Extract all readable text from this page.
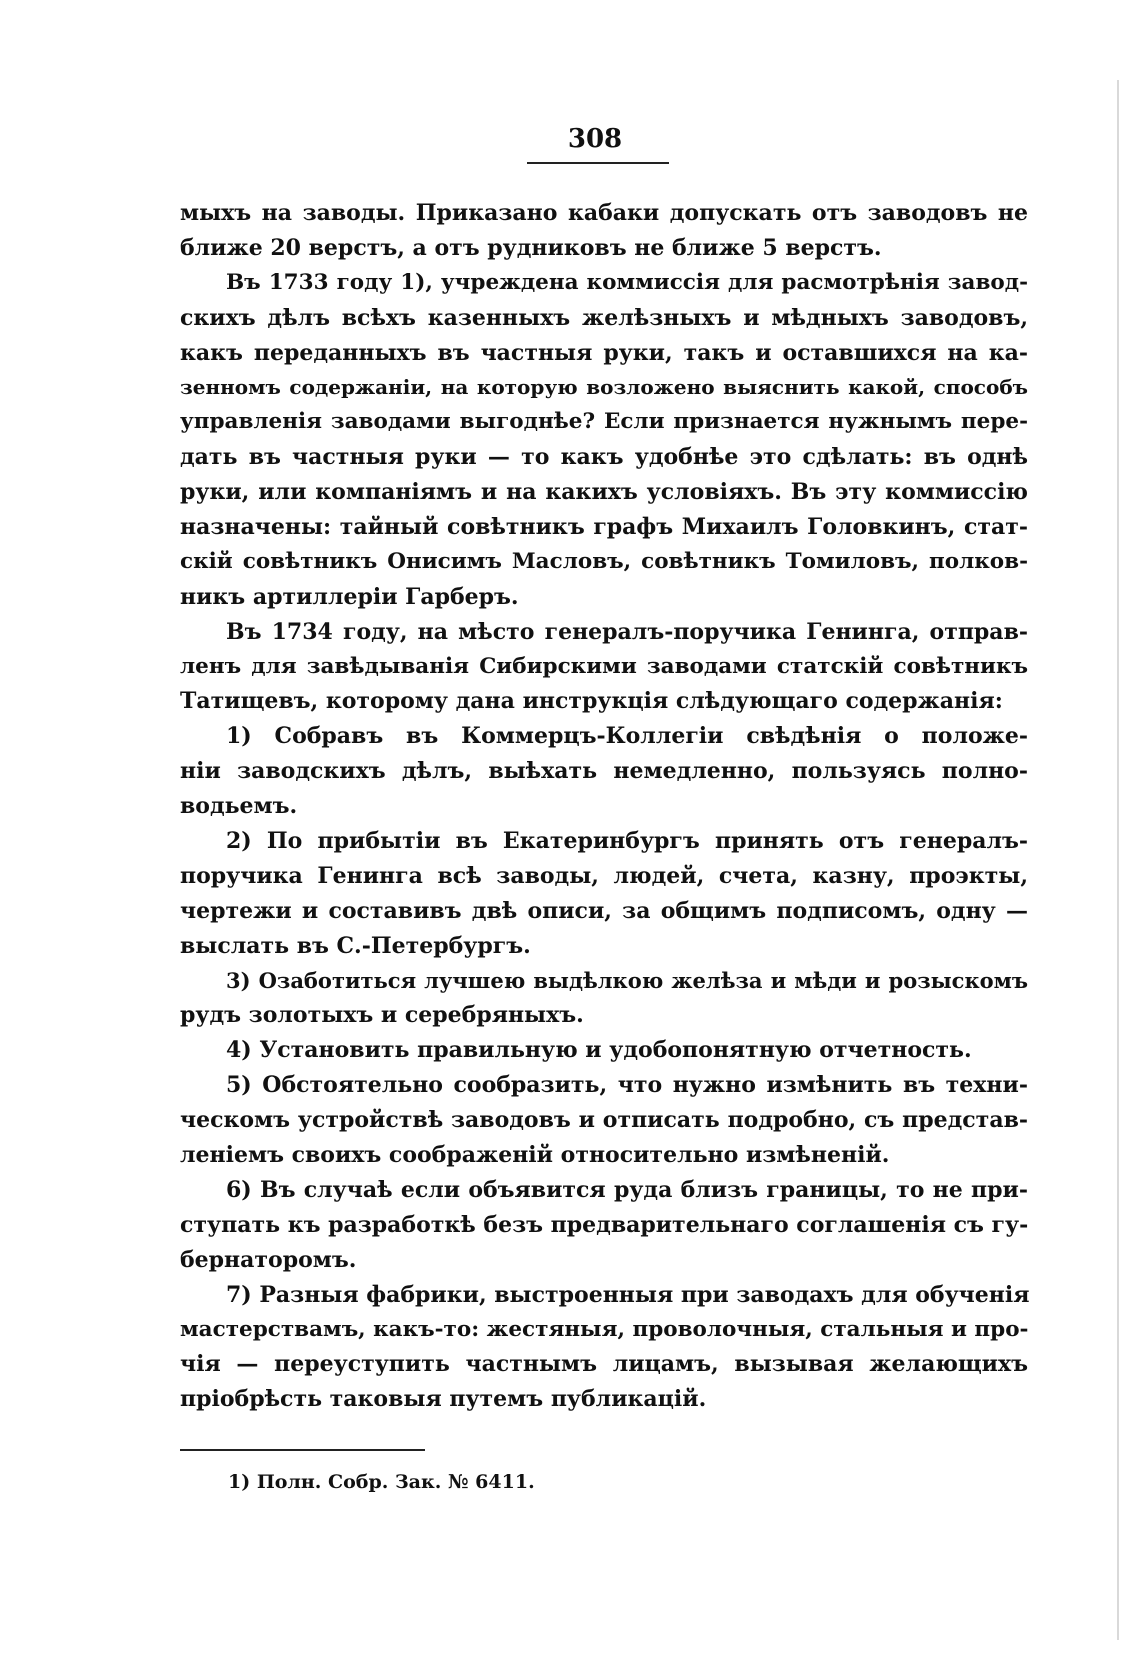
308
мыхъ на заводы. Приказано кабаки допускать отъ заводовъ не
ближе 20 верстъ, а отъ рудниковъ не ближе 5 верстъ.
Въ 1733 году 1), учреждена коммиссія для расмотрѣнія завод -
скихъ дѣлъ всѣхъ казенныхъ желѣзныхъ и мѣдныхъ заводовъ,
какъ переданныхъ въ частныя руки, такъ и оставшихся на ка -
зенномъ содержаніи, на которую возложено выяснить какой, способъ
управленія заводами выгоднѣе? Если признается нужнымъ пере -
дать въ частныя руки — то какъ удобнѣе это сдѣлать: въ однѣ
руки, или компаніямъ и на какихъ условіяхъ. Въ эту коммиссію
назначены: тайный совѣтникъ графъ Михаилъ Головкинъ, стат -
скій совѣтникъ Онисимъ Масловъ, совѣтникъ Томиловъ, полков -
никъ артиллеріи Гарберъ.
Въ 1734 году, на мѣсто генералъ-поручика Генинга, отправ -
ленъ для завѣдыванія Сибирскими заводами статскій совѣтникъ
Татищевъ, которому дана инструкція слѣдующаго содержанія:
1) Собравъ въ Коммерцъ-Коллегіи свѣдѣнія о положе -
ніи заводскихъ дѣлъ, выѣхать немедленно, пользуясь полно -
водьемъ.
2) По прибытіи въ Екатеринбургъ принять отъ генералъ-
поручика Генинга всѣ заводы, людей, счета, казну, проэкты,
чертежи и составивъ двѣ описи, за общимъ подписомъ, одну —
выслать въ С.-Петербургъ.
3) Озаботиться лучшею выдѣлкою желѣза и мѣди и розыскомъ
рудъ золотыхъ и серебряныхъ.
4) Установить правильную и удобопонятную отчетность.
5) Обстоятельно сообразить, что нужно измѣнить въ техни -
ческомъ устройствѣ заводовъ и отписать подробно, съ представ -
леніемъ своихъ соображеній относительно измѣненій.
6) Въ случаѣ если объявится руда близъ границы, то не при -
ступать къ разработкѣ безъ предварительнаго соглашенія съ гу -
бернаторомъ.
7) Разныя фабрики, выстроенныя при заводахъ для обученія
мастерствамъ, какъ-то: жестяныя, проволочныя, стальныя и про -
чія — переуступить частнымъ лицамъ, вызывая желающихъ
пріобрѣсть таковыя путемъ публикацій.
1) Полн. Собр. Зак. № 6411.
